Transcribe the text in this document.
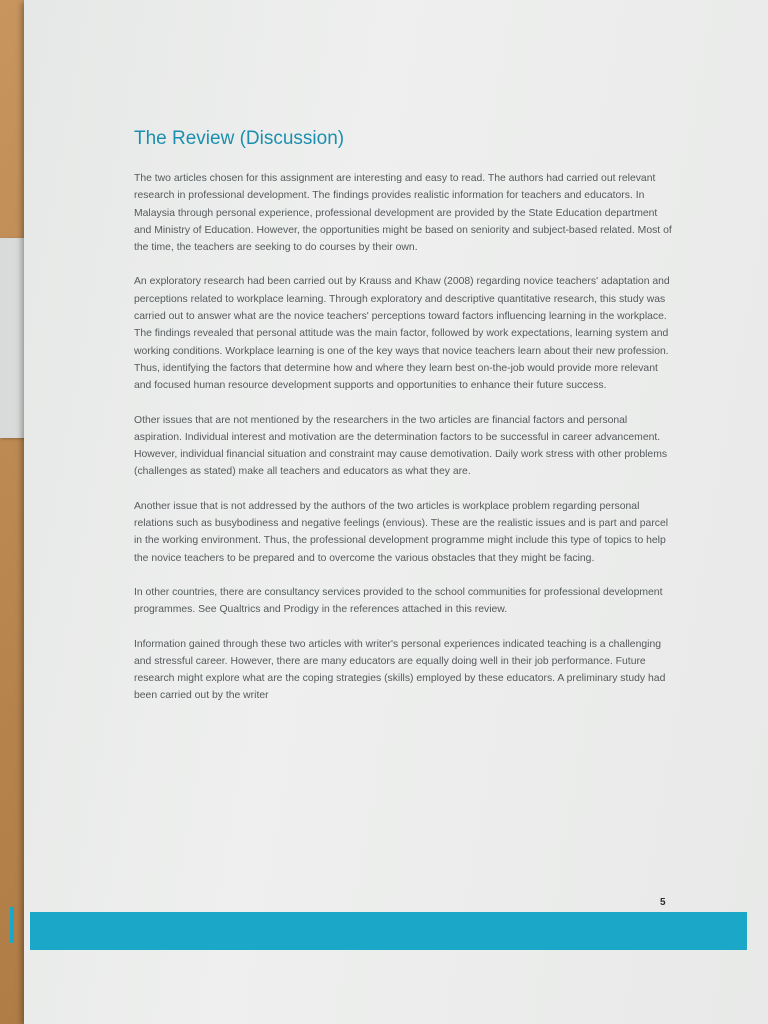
The Review (Discussion)

The two articles chosen for this assignment are interesting and easy to read. The authors had carried out relevant research in professional development. The findings provides realistic information for teachers and educators. In Malaysia through personal experience, professional development are provided by the State Education department and Ministry of Education. However, the opportunities might be based on seniority and subject-based related. Most of the time, the teachers are seeking to do courses by their own.

An exploratory research had been carried out by Krauss and Khaw (2008) regarding novice teachers' adaptation and perceptions related to workplace learning. Through exploratory and descriptive quantitative research, this study was carried out to answer what are the novice teachers' perceptions toward factors influencing learning in the workplace. The findings revealed that personal attitude was the main factor, followed by work expectations, learning system and working conditions. Workplace learning is one of the key ways that novice teachers learn about their new profession. Thus, identifying the factors that determine how and where they learn best on-the-job would provide more relevant and focused human resource development supports and opportunities to enhance their future success.

Other issues that are not mentioned by the researchers in the two articles are financial factors and personal aspiration. Individual interest and motivation are the determination factors to be successful in career advancement. However, individual financial situation and constraint may cause demotivation. Daily work stress with other problems (challenges as stated) make all teachers and educators as what they are.

Another issue that is not addressed by the authors of the two articles is workplace problem regarding personal relations such as busybodiness and negative feelings (envious). These are the realistic issues and is part and parcel in the working environment. Thus, the professional development programme might include this type of topics to help the novice teachers to be prepared and to overcome the various obstacles that they might be facing.

In other countries, there are consultancy services provided to the school communities for professional development programmes. See Qualtrics and Prodigy in the references attached in this review.

Information gained through these two articles with writer's personal experiences indicated teaching is a challenging and stressful career. However, there are many educators are equally doing well in their job performance. Future research might explore what are the coping strategies (skills) employed by these educators. A preliminary study had been carried out by the writer

5
